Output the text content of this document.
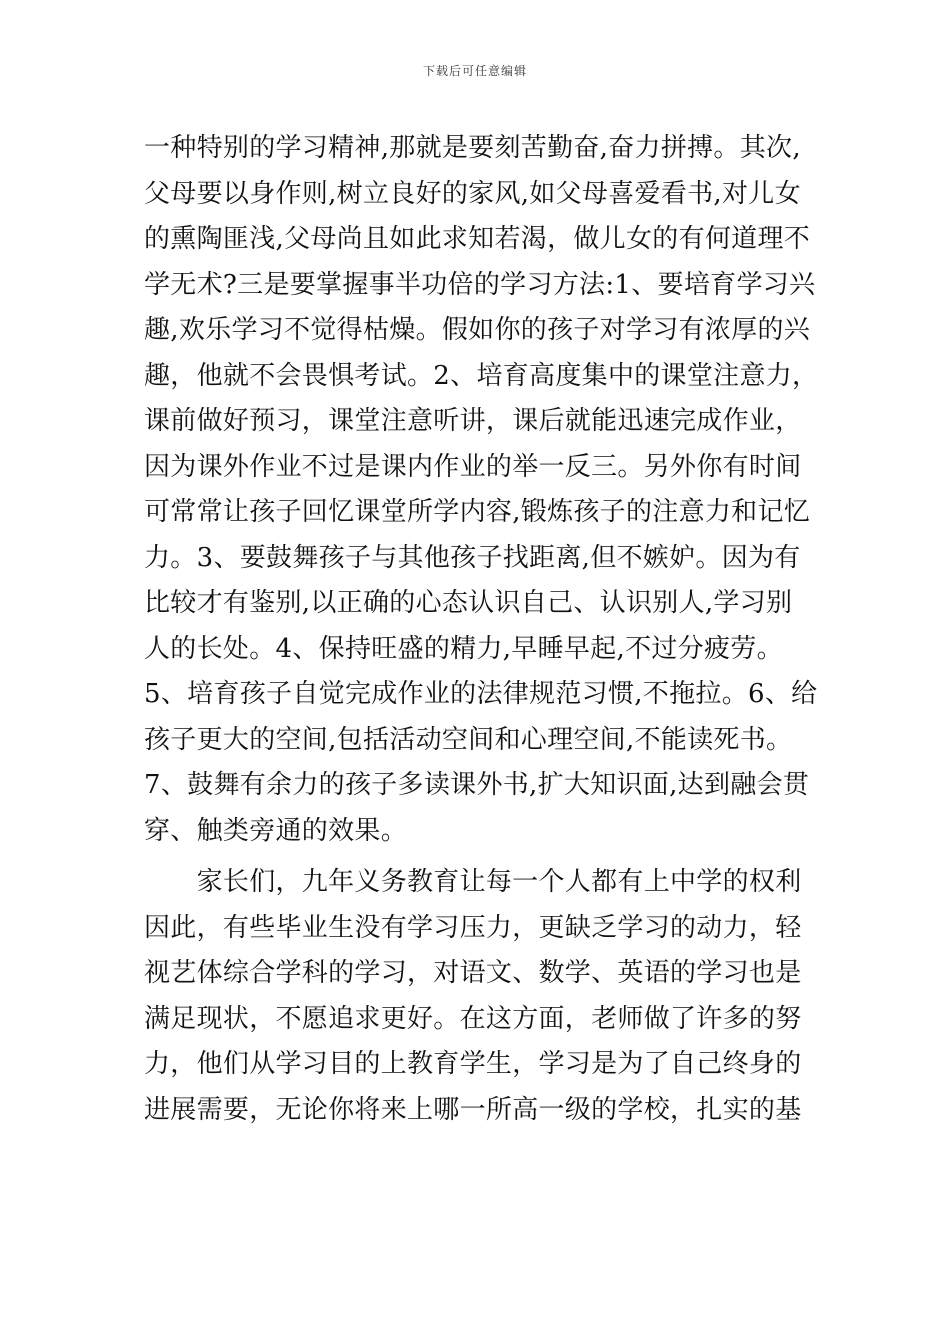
下载后可任意编辑
一种特别的学习精神,那就是要刻苦勤奋,奋力拼搏。其次,
父母要以身作则,树立良好的家风,如父母喜爱看书,对儿女
的熏陶匪浅,父母尚且如此求知若渴，做儿女的有何道理不
学无术?三是要掌握事半功倍的学习方法:1、要培育学习兴
趣,欢乐学习不觉得枯燥。假如你的孩子对学习有浓厚的兴
趣，他就不会畏惧考试。2、培育高度集中的课堂注意力，
课前做好预习，课堂注意听讲，课后就能迅速完成作业，
因为课外作业不过是课内作业的举一反三。另外你有时间
可常常让孩子回忆课堂所学内容,锻炼孩子的注意力和记忆
力。3、要鼓舞孩子与其他孩子找距离,但不嫉妒。因为有
比较才有鉴别,以正确的心态认识自己、认识别人,学习别
人的长处。4、保持旺盛的精力,早睡早起,不过分疲劳。
5、培育孩子自觉完成作业的法律规范习惯,不拖拉。6、给
孩子更大的空间,包括活动空间和心理空间,不能读死书。
7、鼓舞有余力的孩子多读课外书,扩大知识面,达到融会贯
穿、触类旁通的效果。
　　家长们，九年义务教育让每一个人都有上中学的权利
因此，有些毕业生没有学习压力，更缺乏学习的动力，轻
视艺体综合学科的学习，对语文、数学、英语的学习也是
满足现状，不愿追求更好。在这方面，老师做了许多的努
力，他们从学习目的上教育学生，学习是为了自己终身的
进展需要，无论你将来上哪一所高一级的学校，扎实的基
